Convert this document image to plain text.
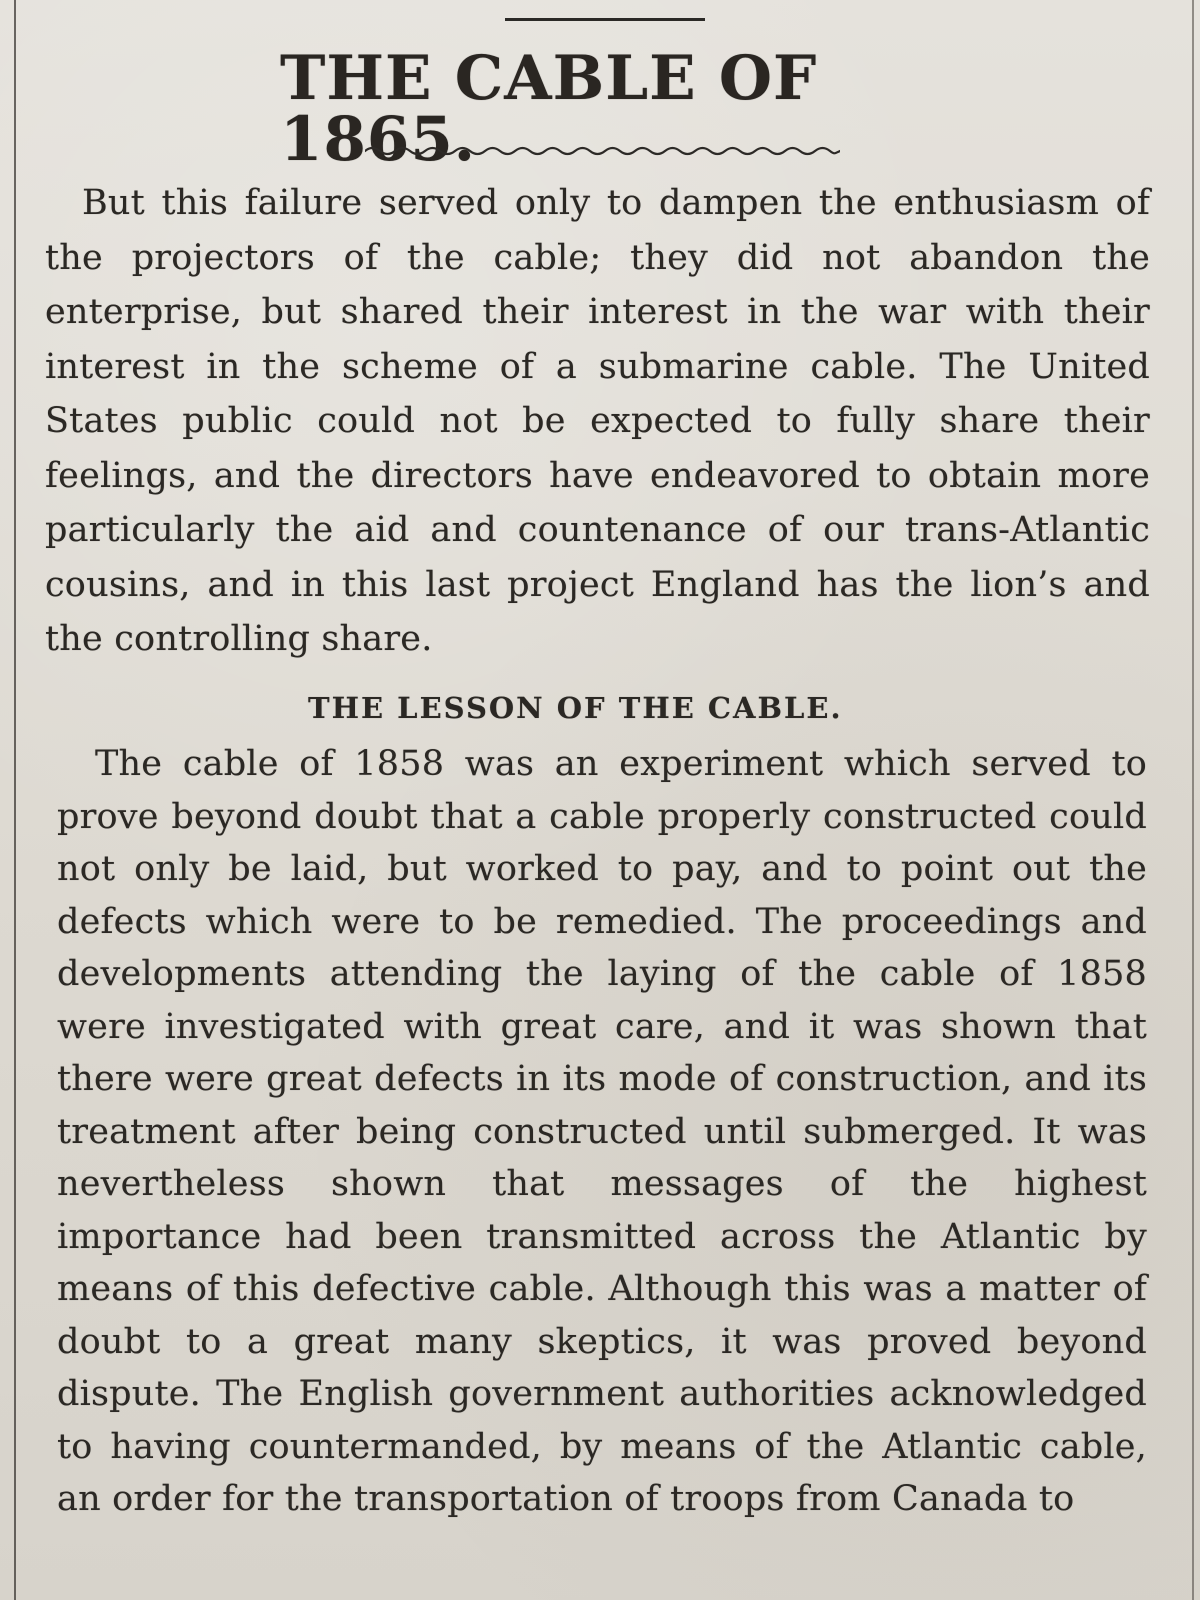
THE CABLE OF 1865.
But this failure served only to dampen the enthusiasm of the projectors of the cable; they did not abandon the enterprise, but shared their interest in the war with their interest in the scheme of a submarine cable. The United States public could not be expected to fully share their feelings, and the directors have endeavored to obtain more particularly the aid and countenance of our trans-Atlantic cousins, and in this last project England has the lion’s and the controlling share.
THE LESSON OF THE CABLE.
The cable of 1858 was an experiment which served to prove beyond doubt that a cable properly constructed could not only be laid, but worked to pay, and to point out the defects which were to be remedied. The proceedings and developments attending the laying of the cable of 1858 were investigated with great care, and it was shown that there were great defects in its mode of construction, and its treatment after being constructed until submerged. It was nevertheless shown that messages of the highest importance had been transmitted across the Atlantic by means of this defective cable. Although this was a matter of doubt to a great many skeptics, it was proved beyond dispute. The English government authorities acknowledged to having countermanded, by means of the Atlantic cable, an order for the transportation of troops from Canada to
